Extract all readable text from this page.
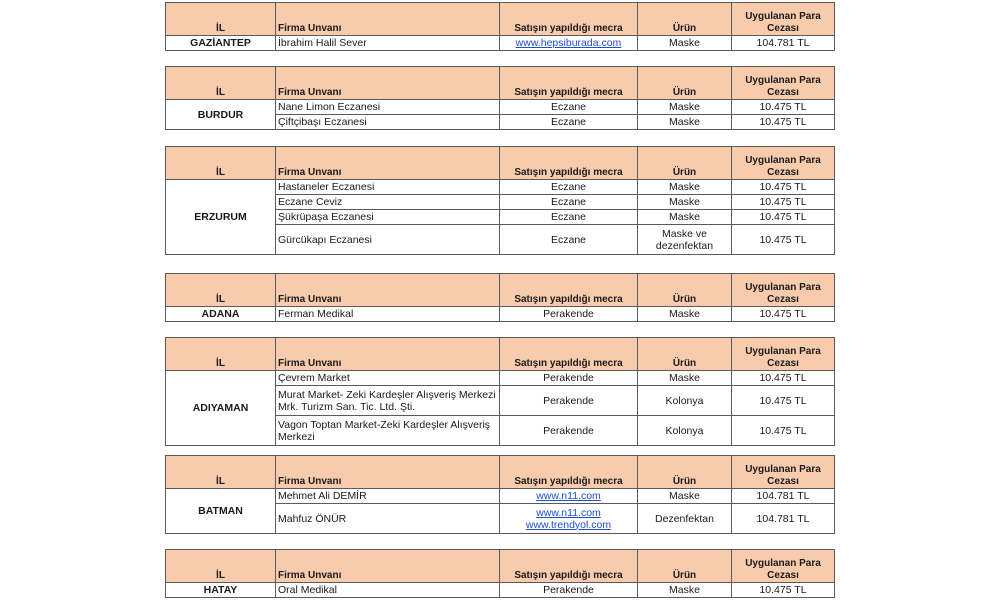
İL	Firma Unvanı	Satışın yapıldığı mecra	Ürün	Uygulanan Para Cezası
GAZİANTEP	İbrahim Halil Sever	www.hepsiburada.com	Maske	104.781 TL
İL	Firma Unvanı	Satışın yapıldığı mecra	Ürün	Uygulanan Para Cezası
BURDUR	Nane Limon Eczanesi	Eczane	Maske	10.475 TL
	Çiftçibaşı Eczanesi	Eczane	Maske	10.475 TL
İL	Firma Unvanı	Satışın yapıldığı mecra	Ürün	Uygulanan Para Cezası
ERZURUM	Hastaneler Eczanesi	Eczane	Maske	10.475 TL
	Eczane Ceviz	Eczane	Maske	10.475 TL
	Şükrüpaşa Eczanesi	Eczane	Maske	10.475 TL
	Gürcükapı Eczanesi	Eczane	Maske ve dezenfektan	10.475 TL
İL	Firma Unvanı	Satışın yapıldığı mecra	Ürün	Uygulanan Para Cezası
ADANA	Ferman Medikal	Perakende	Maske	10.475 TL
İL	Firma Unvanı	Satışın yapıldığı mecra	Ürün	Uygulanan Para Cezası
ADIYAMAN	Çevrem Market	Perakende	Maske	10.475 TL
	Murat Market- Zeki Kardeşler Alışveriş Merkezi Mrk. Turizm San. Tic. Ltd. Şti.	Perakende	Kolonya	10.475 TL
	Vagon Toptan Market-Zeki Kardeşler Alışveriş Merkezi	Perakende	Kolonya	10.475 TL
İL	Firma Unvanı	Satışın yapıldığı mecra	Ürün	Uygulanan Para Cezası
BATMAN	Mehmet Ali DEMİR	www.n11.com	Maske	104.781 TL
	Mahfuz ÖNÜR	www.n11.com www.trendyol.com	Dezenfektan	104.781 TL
İL	Firma Unvanı	Satışın yapıldığı mecra	Ürün	Uygulanan Para Cezası
HATAY	Oral Medikal	Perakende	Maske	10.475 TL
